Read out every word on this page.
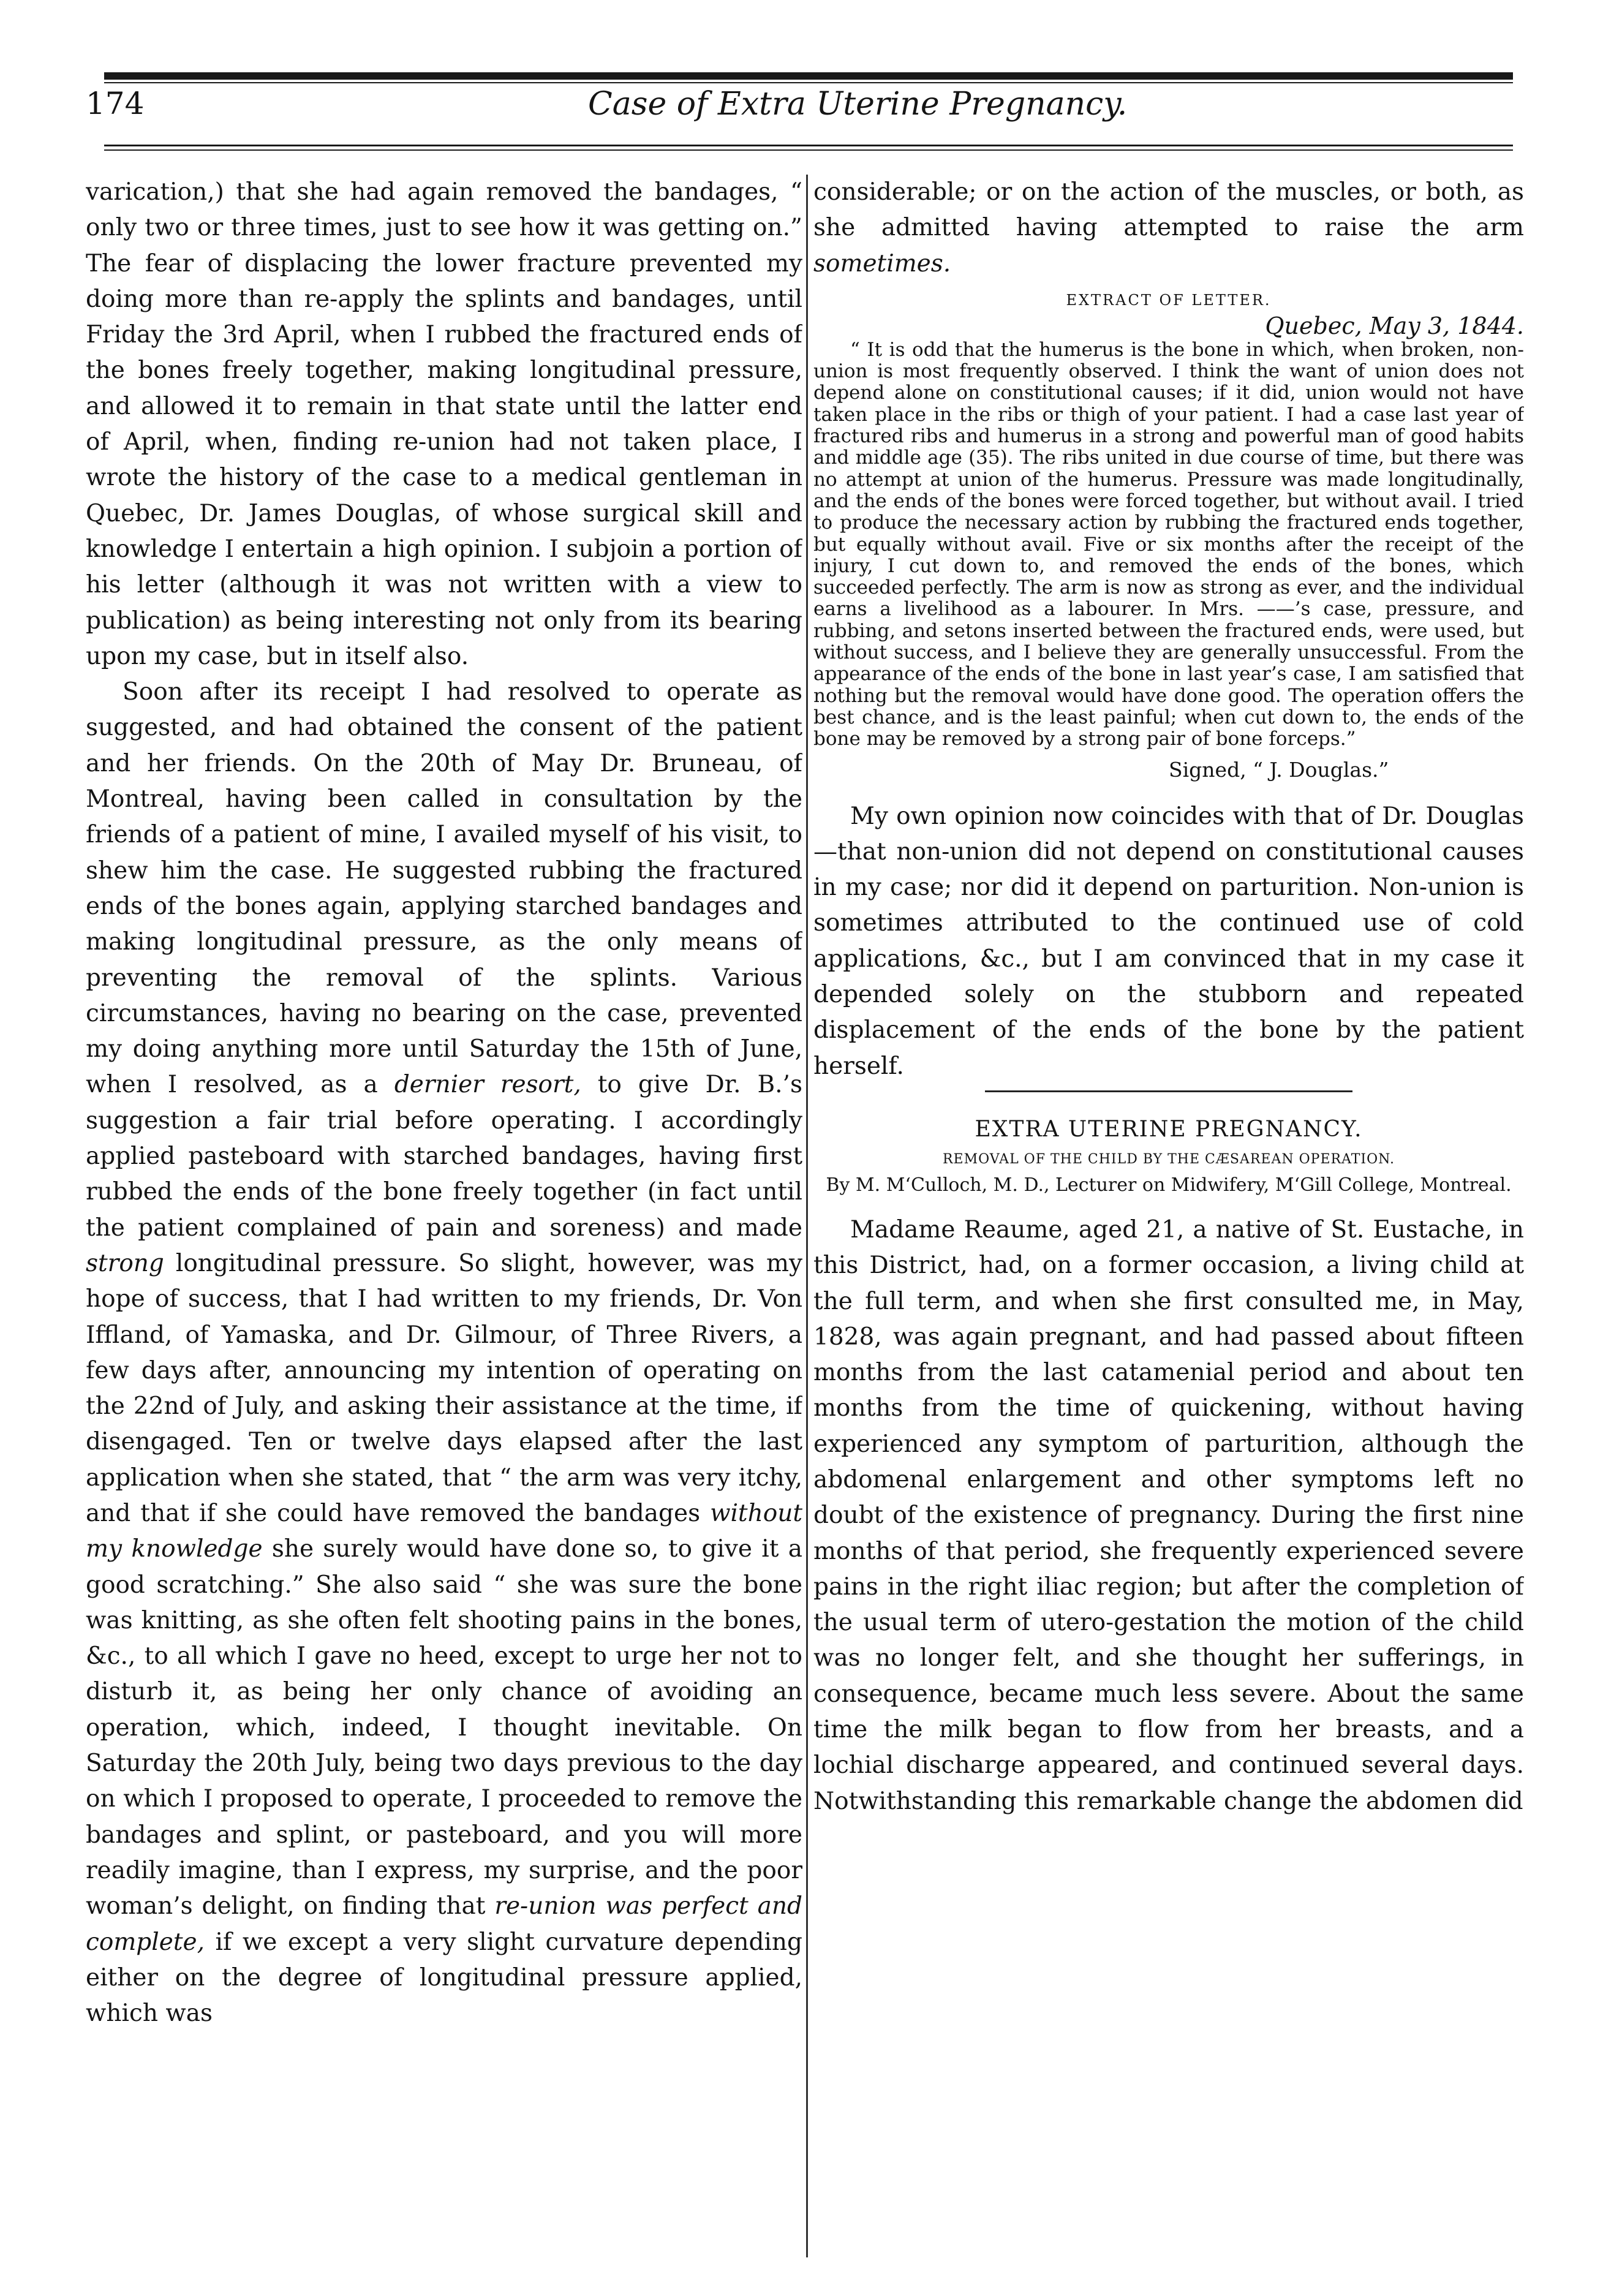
174	Case of Extra Uterine Pregnancy.

varication,) that she had again removed the bandages, “ only two or three times, just to see how it was getting on.” The fear of displacing the lower fracture prevented my doing more than re-apply the splints and bandages, until Friday the 3rd April, when I rubbed the fractured ends of the bones freely together, making longitudinal pressure, and allowed it to remain in that state until the latter end of April, when, finding re-union had not taken place, I wrote the history of the case to a medical gentleman in Quebec, Dr. James Douglas, of whose surgical skill and knowledge I entertain a high opinion. I subjoin a portion of his letter (although it was not written with a view to publication) as being interesting not only from its bearing upon my case, but in itself also.

Soon after its receipt I had resolved to operate as suggested, and had obtained the consent of the patient and her friends. On the 20th of May Dr. Bruneau, of Montreal, having been called in consultation by the friends of a patient of mine, I availed myself of his visit, to shew him the case. He suggested rubbing the fractured ends of the bones again, applying starched bandages and making longitudinal pressure, as the only means of preventing the removal of the splints. Various circumstances, having no bearing on the case, prevented my doing anything more until Saturday the 15th of June, when I resolved, as a dernier resort, to give Dr. B.’s suggestion a fair trial before operating. I accordingly applied pasteboard with starched bandages, having first rubbed the ends of the bone freely together (in fact until the patient complained of pain and soreness) and made strong longitudinal pressure. So slight, however, was my hope of success, that I had written to my friends, Dr. Von Iffland, of Yamaska, and Dr. Gilmour, of Three Rivers, a few days after, announcing my intention of operating on the 22nd of July, and asking their assistance at the time, if disengaged. Ten or twelve days elapsed after the last application when she stated, that “ the arm was very itchy, and that if she could have removed the bandages without my knowledge she surely would have done so, to give it a good scratching.” She also said “ she was sure the bone was knitting, as she often felt shooting pains in the bones, &c., to all which I gave no heed, except to urge her not to disturb it, as being her only chance of avoiding an operation, which, indeed, I thought inevitable. On Saturday the 20th July, being two days previous to the day on which I proposed to operate, I proceeded to remove the bandages and splint, or pasteboard, and you will more readily imagine, than I express, my surprise, and the poor woman’s delight, on finding that re-union was perfect and complete, if we except a very slight curvature depending either on the degree of longitudinal pressure applied, which was

considerable; or on the action of the muscles, or both, as she admitted having attempted to raise the arm sometimes.

EXTRACT OF LETTER.
Quebec, May 3, 1844.

“ It is odd that the humerus is the bone in which, when broken, non-union is most frequently observed. I think the want of union does not depend alone on constitutional causes; if it did, union would not have taken place in the ribs or thigh of your patient. I had a case last year of fractured ribs and humerus in a strong and powerful man of good habits and middle age (35). The ribs united in due course of time, but there was no attempt at union of the humerus. Pressure was made longitudinally, and the ends of the bones were forced together, but without avail. I tried to produce the necessary action by rubbing the fractured ends together, but equally without avail. Five or six months after the receipt of the injury, I cut down to, and removed the ends of the bones, which succeeded perfectly. The arm is now as strong as ever, and the individual earns a livelihood as a labourer. In Mrs. ——’s case, pressure, and rubbing, and setons inserted between the fractured ends, were used, but without success, and I believe they are generally unsuccessful. From the appearance of the ends of the bone in last year’s case, I am satisfied that nothing but the removal would have done good. The operation offers the best chance, and is the least painful; when cut down to, the ends of the bone may be removed by a strong pair of bone forceps.”

Signed, “ J. Douglas.”

My own opinion now coincides with that of Dr. Douglas—that non-union did not depend on constitutional causes in my case; nor did it depend on parturition. Non-union is sometimes attributed to the continued use of cold applications, &c., but I am convinced that in my case it depended solely on the stubborn and repeated displacement of the ends of the bone by the patient herself.

EXTRA UTERINE PREGNANCY.
REMOVAL OF THE CHILD BY THE CÆSAREAN OPERATION.
By M. M‘Culloch, M. D., Lecturer on Midwifery, M‘Gill College, Montreal.

Madame Reaume, aged 21, a native of St. Eustache, in this District, had, on a former occasion, a living child at the full term, and when she first consulted me, in May, 1828, was again pregnant, and had passed about fifteen months from the last catamenial period and about ten months from the time of quickening, without having experienced any symptom of parturition, although the abdomenal enlargement and other symptoms left no doubt of the existence of pregnancy. During the first nine months of that period, she frequently experienced severe pains in the right iliac region; but after the completion of the usual term of utero-gestation the motion of the child was no longer felt, and she thought her sufferings, in consequence, became much less severe. About the same time the milk began to flow from her breasts, and a lochial discharge appeared, and continued several days. Notwithstanding this remarkable change the abdomen did
